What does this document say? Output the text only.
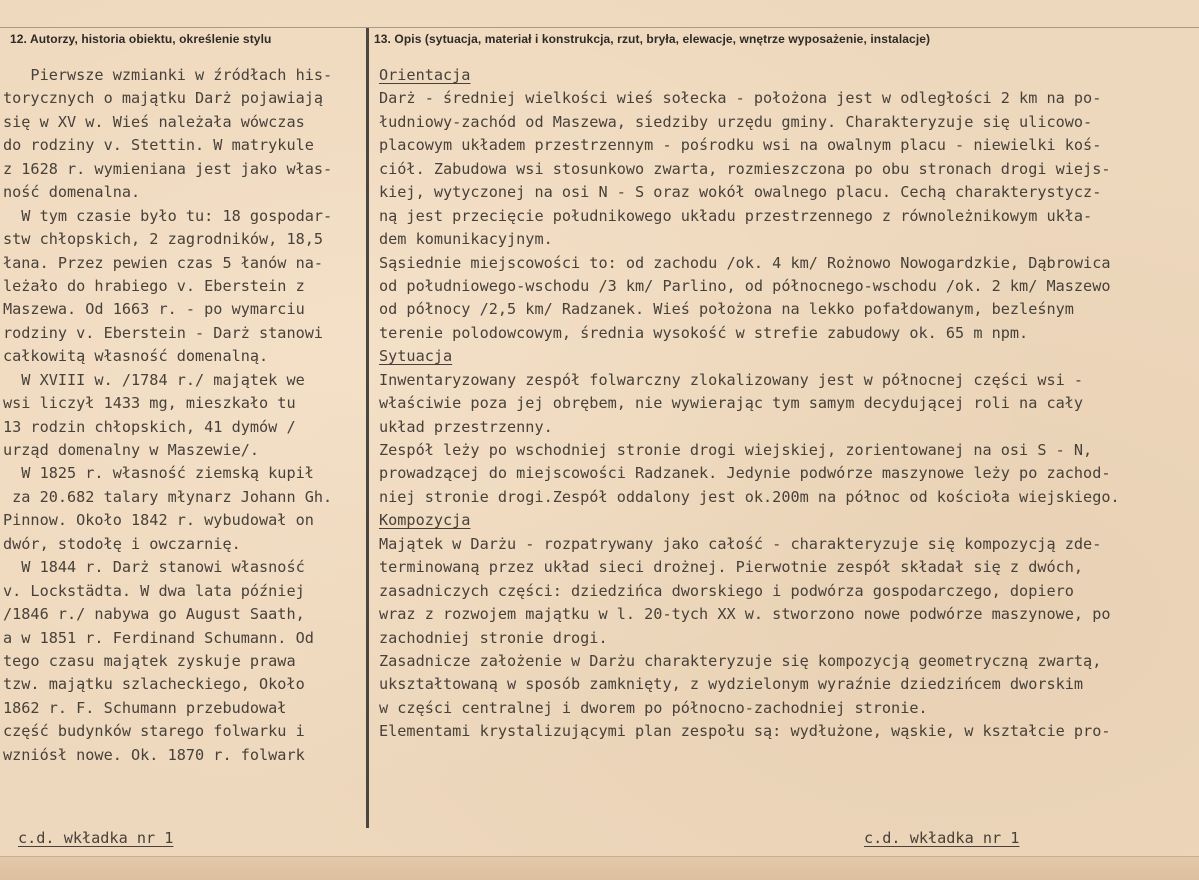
12. Autorzy, historia obiektu, określenie stylu	13. Opis (sytuacja, materiał i konstrukcja, rzut, bryła, elewacje, wnętrze wyposażenie, instalacje)
Pierwsze wzmianki w źródłach his-
torycznych o majątku Darż pojawiają
się w XV w. Wieś należała wówczas
do rodziny v. Stettin. W matrykule
z 1628 r. wymieniana jest jako włas-
ność domenalna.
W tym czasie było tu: 18 gospodar-
stw chłopskich, 2 zagrodników, 18,5
łana. Przez pewien czas 5 łanów na-
leżało do hrabiego v. Eberstein z
Maszewa. Od 1663 r. - po wymarciu
rodziny v. Eberstein - Darż stanowi
całkowitą własność domenalną.
W XVIII w. /1784 r./ majątek we
wsi liczył 1433 mg, mieszkało tu
13 rodzin chłopskich, 41 dymów /
urząd domenalny w Maszewie/.
W 1825 r. własność ziemską kupił
za 20.682 talary młynarz Johann Gh.
Pinnow. Około 1842 r. wybudował on
dwór, stodołę i owczarnię.
W 1844 r. Darż stanowi własność
v. Lockstädta. W dwa lata później
/1846 r./ nabywa go August Saath,
a w 1851 r. Ferdinand Schumann. Od
tego czasu majątek zyskuje prawa
tzw. majątku szlacheckiego, Około
1862 r. F. Schumann przebudował
część budynków starego folwarku i
wzniósł nowe. Ok. 1870 r. folwark
Orientacja
Darż - średniej wielkości wieś sołecka - położona jest w odległości 2 km na po-
łudniowy-zachód od Maszewa, siedziby urzędu gminy. Charakteryzuje się ulicowo-
placowym układem przestrzennym - pośrodku wsi na owalnym placu - niewielki koś-
ciół. Zabudowa wsi stosunkowo zwarta, rozmieszczona po obu stronach drogi wiejs-
kiej, wytyczonej na osi N - S oraz wokół owalnego placu. Cechą charakterystycz-
ną jest przecięcie południkowego układu przestrzennego z równoleżnikowym ukła-
dem komunikacyjnym.
Sąsiednie miejscowości to: od zachodu /ok. 4 km/ Rożnowo Nowogardzkie, Dąbrowica
od południowego-wschodu /3 km/ Parlino, od północnego-wschodu /ok. 2 km/ Maszewo
od północy /2,5 km/ Radzanek. Wieś położona na lekko pofałdowanym, bezleśnym
terenie polodowcowym, średnia wysokość w strefie zabudowy ok. 65 m npm.
Sytuacja
Inwentaryzowany zespół folwarczny zlokalizowany jest w północnej części wsi -
właściwie poza jej obrębem, nie wywierając tym samym decydującej roli na cały
układ przestrzenny.
Zespół leży po wschodniej stronie drogi wiejskiej, zorientowanej na osi S - N,
prowadzącej do miejscowości Radzanek. Jedynie podwórze maszynowe leży po zachod-
niej stronie drogi.Zespół oddalony jest ok.200m na północ od kościoła wiejskiego.
Kompozycja
Majątek w Darżu - rozpatrywany jako całość - charakteryzuje się kompozycją zde-
terminowaną przez układ sieci drożnej. Pierwotnie zespół składał się z dwóch,
zasadniczych części: dziedzińca dworskiego i podwórza gospodarczego, dopiero
wraz z rozwojem majątku w l. 20-tych XX w. stworzono nowe podwórze maszynowe, po
zachodniej stronie drogi.
Zasadnicze założenie w Darżu charakteryzuje się kompozycją geometryczną zwartą,
ukształtowaną w sposób zamknięty, z wydzielonym wyraźnie dziedzińcem dworskim
w części centralnej i dworem po północno-zachodniej stronie.
Elementami krystalizującymi plan zespołu są: wydłużone, wąskie, w kształcie pro-
c.d. wkładka nr 1	c.d. wkładka nr 1
